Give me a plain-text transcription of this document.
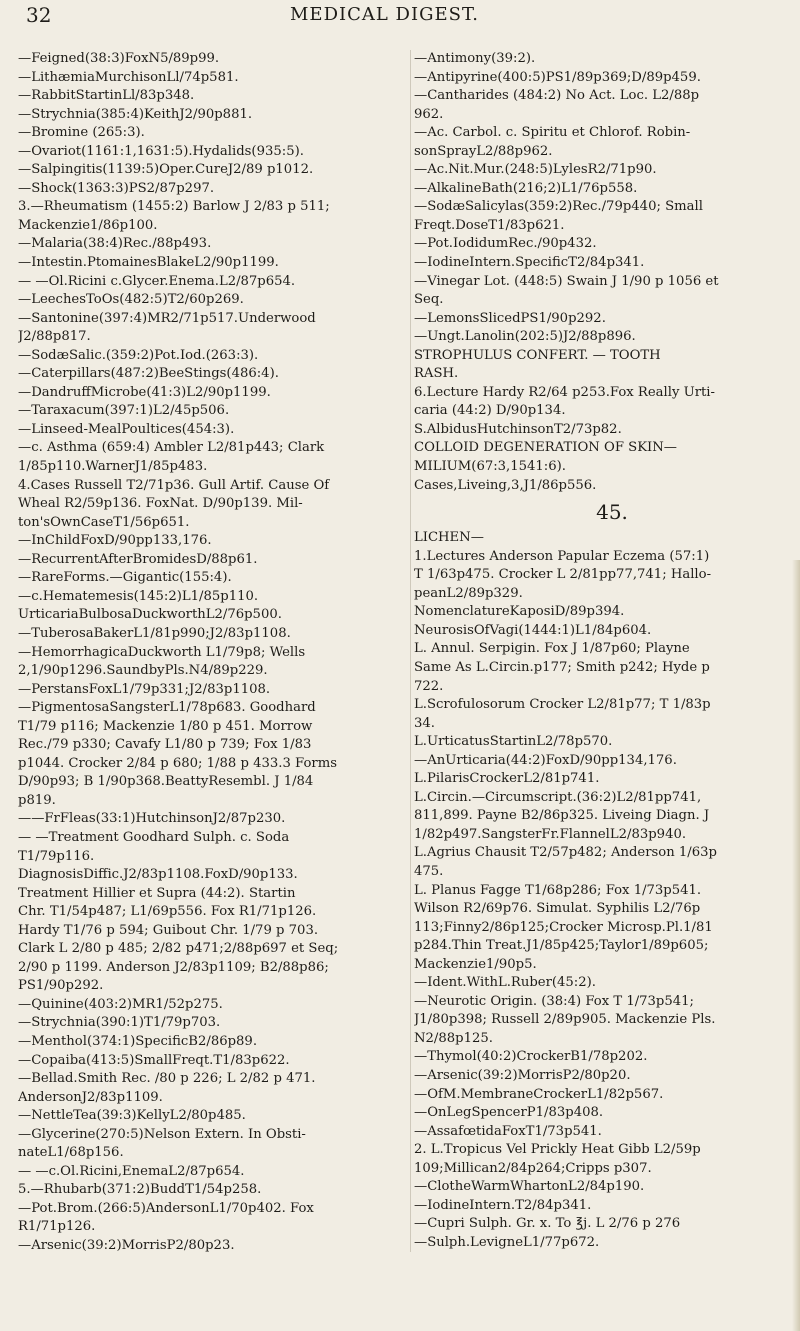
32	MEDICAL DIGEST.
—Feigned(38:3)FoxN5/89p99.
—LithæmiaMurchisonLl/74p581.
—RabbitStartinLl/83p348.
—Strychnia(385:4)KeithJ2/90p881.
—Bromine (265:3).
—Ovariot(1161:1,1631:5).Hydalids(935:5).
—Salpingitis(1139:5)Oper.CureJ2/89 p1012.
—Shock(1363:3)PS2/87p297.
3.—Rheumatism (1455:2) Barlow J 2/83 p 511;
Mackenzie1/86p100.
—Malaria(38:4)Rec./88p493.
—Intestin.PtomainesBlakeL2/90p1199.
— —Ol.Ricini c.Glycer.Enema.L2/87p654.
—LeechesToOs(482:5)T2/60p269.
—Santonine(397:4)MR2/71p517.Underwood
J2/88p817.
—SodæSalic.(359:2)Pot.Iod.(263:3).
—Caterpillars(487:2)BeeStings(486:4).
—DandruffMicrobe(41:3)L2/90p1199.
—Taraxacum(397:1)L2/45p506.
—Linseed-MealPoultices(454:3).
—c. Asthma (659:4) Ambler L2/81p443; Clark
1/85p110.WarnerJ1/85p483.
4.Cases Russell T2/71p36. Gull Artif. Cause Of
Wheal R2/59p136. FoxNat. D/90p139. Mil-
ton'sOwnCaseT1/56p651.
—InChildFoxD/90pp133,176.
—RecurrentAfterBromidesD/88p61.
—RareForms.—Gigantic(155:4).
—c.Hematemesis(145:2)L1/85p110.
UrticariaBulbosaDuckworthL2/76p500.
—TuberosaBakerL1/81p990;J2/83p1108.
—HemorrhagicaDuckworth L1/79p8; Wells
2,1/90p1296.SaundbyPls.N4/89p229.
—PerstansFoxL1/79p331;J2/83p1108.
—PigmentosaSangsterL1/78p683. Goodhard
T1/79 p116; Mackenzie 1/80 p 451. Morrow
Rec./79 p330; Cavafy L1/80 p 739; Fox 1/83
p1044. Crocker 2/84 p 680; 1/88 p 433.3 Forms
D/90p93; B 1/90p368.BeattyResembl. J 1/84
p819.
——FrFleas(33:1)HutchinsonJ2/87p230.
— —Treatment Goodhard Sulph. c. Soda
T1/79p116.
DiagnosisDiffic.J2/83p1108.FoxD/90p133.
Treatment Hillier et Supra (44:2). Startin
Chr. T1/54p487; L1/69p556. Fox R1/71p126.
Hardy T1/76 p 594; Guibout Chr. 1/79 p 703.
Clark L 2/80 p 485; 2/82 p471;2/88p697 et Seq;
2/90 p 1199. Anderson J2/83p1109; B2/88p86;
PS1/90p292.
—Quinine(403:2)MR1/52p275.
—Strychnia(390:1)T1/79p703.
—Menthol(374:1)SpecificB2/86p89.
—Copaiba(413:5)SmallFreqt.T1/83p622.
—Bellad.Smith Rec. /80 p 226; L 2/82 p 471.
AndersonJ2/83p1109.
—NettleTea(39:3)KellyL2/80p485.
—Glycerine(270:5)Nelson Extern. In Obsti-
nateL1/68p156.
— —c.Ol.Ricini,EnemaL2/87p654.
5.—Rhubarb(371:2)BuddT1/54p258.
—Pot.Brom.(266:5)AndersonL1/70p402. Fox
R1/71p126.
—Arsenic(39:2)MorrisP2/80p23.
—Antimony(39:2).
—Antipyrine(400:5)PS1/89p369;D/89p459.
—Cantharides (484:2) No Act. Loc. L2/88p
962.
—Ac. Carbol. c. Spiritu et Chlorof. Robin-
sonSprayL2/88p962.
—Ac.Nit.Mur.(248:5)LylesR2/71p90.
—AlkalineBath(216;2)L1/76p558.
—SodæSalicylas(359:2)Rec./79p440; Small
Freqt.DoseT1/83p621.
—Pot.IodidumRec./90p432.
—IodineIntern.SpecificT2/84p341.
—Vinegar Lot. (448:5) Swain J 1/90 p 1056 et
Seq.
—LemonsSlicedPS1/90p292.
—Ungt.Lanolin(202:5)J2/88p896.
STROPHULUS CONFERT. — TOOTH
RASH.
6.Lecture Hardy R2/64 p253.Fox Really Urti-
caria (44:2) D/90p134.
S.AlbidusHutchinsonT2/73p82.
COLLOID DEGENERATION OF SKIN—
MILIUM(67:3,1541:6).
Cases,Liveing,3,J1/86p556.
45.
LICHEN—
1.Lectures Anderson Papular Eczema (57:1)
T 1/63p475. Crocker L 2/81pp77,741; Hallo-
peanL2/89p329.
NomenclatureKaposiD/89p394.
NeurosisOfVagi(1444:1)L1/84p604.
L. Annul. Serpigin. Fox J 1/87p60; Playne
Same As L.Circin.p177; Smith p242; Hyde p
722.
L.Scrofulosorum Crocker L2/81p77; T 1/83p
34.
L.UrticatusStartinL2/78p570.
—AnUrticaria(44:2)FoxD/90pp134,176.
L.PilarisCrockerL2/81p741.
L.Circin.—Circumscript.(36:2)L2/81pp741,
811,899. Payne B2/86p325. Liveing Diagn. J
1/82p497.SangsterFr.FlannelL2/83p940.
L.Agrius Chausit T2/57p482; Anderson 1/63p
475.
L. Planus Fagge T1/68p286; Fox 1/73p541.
Wilson R2/69p76. Simulat. Syphilis L2/76p
113;Finny2/86p125;Crocker Microsp.Pl.1/81
p284.Thin Treat.J1/85p425;Taylor1/89p605;
Mackenzie1/90p5.
—Ident.WithL.Ruber(45:2).
—Neurotic Origin. (38:4) Fox T 1/73p541;
J1/80p398; Russell 2/89p905. Mackenzie Pls.
N2/88p125.
—Thymol(40:2)CrockerB1/78p202.
—Arsenic(39:2)MorrisP2/80p20.
—OfM.MembraneCrockerL1/82p567.
—OnLegSpencerP1/83p408.
—AssafœtidaFoxT1/73p541.
2. L.Tropicus Vel Prickly Heat Gibb L2/59p
109;Millican2/84p264;Cripps p307.
—ClotheWarmWhartonL2/84p190.
—IodineIntern.T2/84p341.
—Cupri Sulph. Gr. x. To ℥j. L 2/76 p 276
—Sulph.LevigneL1/77p672.
